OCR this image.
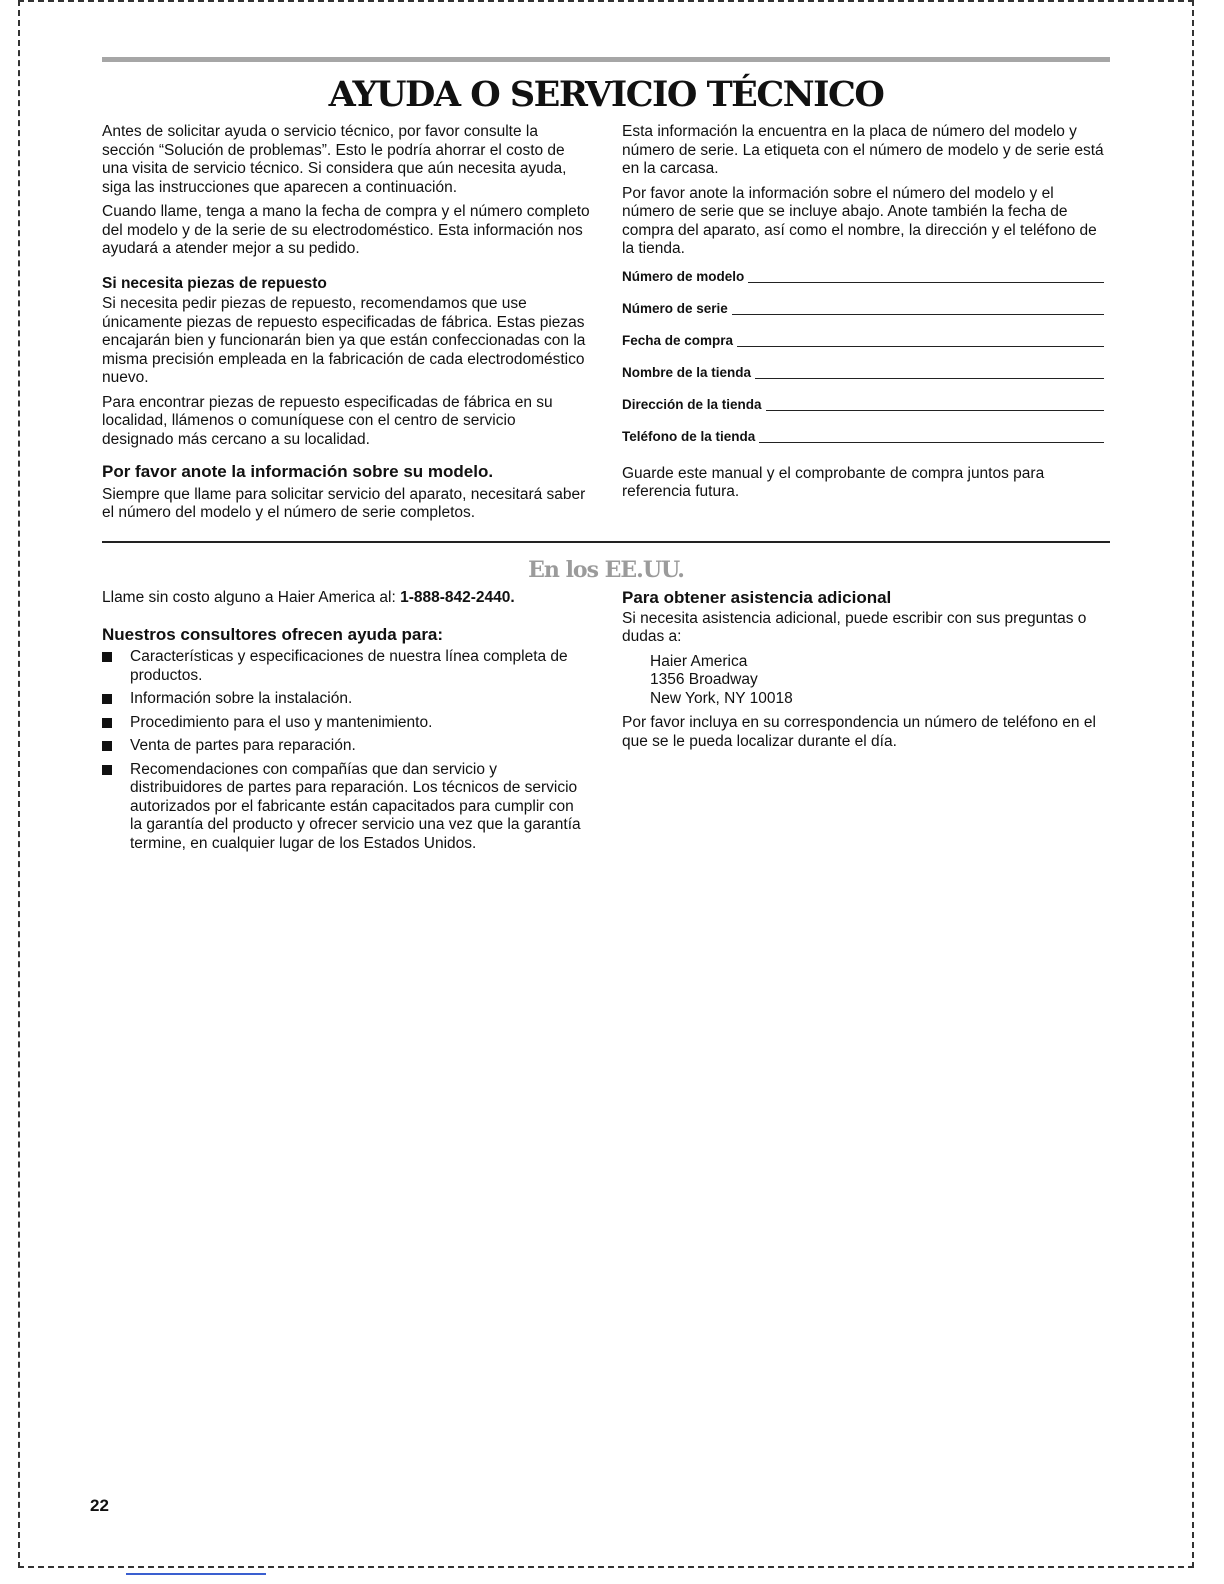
AYUDA O SERVICIO TÉCNICO

Antes de solicitar ayuda o servicio técnico, por favor consulte la sección “Solución de problemas”. Esto le podría ahorrar el costo de una visita de servicio técnico. Si considera que aún necesita ayuda, siga las instrucciones que aparecen a continuación.

Cuando llame, tenga a mano la fecha de compra y el número completo del modelo y de la serie de su electrodoméstico. Esta información nos ayudará a atender mejor a su pedido.

Si necesita piezas de repuesto

Si necesita pedir piezas de repuesto, recomendamos que use únicamente piezas de repuesto especificadas de fábrica. Estas piezas encajarán bien y funcionarán bien ya que están confeccionadas con la misma precisión empleada en la fabricación de cada electrodoméstico nuevo.

Para encontrar piezas de repuesto especificadas de fábrica en su localidad, llámenos o comuníquese con el centro de servicio designado más cercano a su localidad.

Por favor anote la información sobre su modelo.

Siempre que llame para solicitar servicio del aparato, necesitará saber el número del modelo y el número de serie completos.

Esta información la encuentra en la placa de número del modelo y número de serie. La etiqueta con el número de modelo y de serie está en la carcasa.

Por favor anote la información sobre el número del modelo y el número de serie que se incluye abajo. Anote también la fecha de compra del aparato, así como el nombre, la dirección y el teléfono de la tienda.

Número de modelo
Número de serie
Fecha de compra
Nombre de la tienda
Dirección de la tienda
Teléfono de la tienda

Guarde este manual y el comprobante de compra juntos para referencia futura.

En los EE.UU.

Llame sin costo alguno a Haier America al: 1-888-842-2440.

Nuestros consultores ofrecen ayuda para:
Características y especificaciones de nuestra línea completa de productos.
Información sobre la instalación.
Procedimiento para el uso y mantenimiento.
Venta de partes para reparación.
Recomendaciones con compañías que dan servicio y distribuidores de partes para reparación. Los técnicos de servicio autorizados por el fabricante están capacitados para cumplir con la garantía del producto y ofrecer servicio una vez que la garantía termine, en cualquier lugar de los Estados Unidos.
Para obtener asistencia adicional

Si necesita asistencia adicional, puede escribir con sus preguntas o dudas a:

Haier America
1356 Broadway
New York, NY 10018

Por favor incluya en su correspondencia un número de teléfono en el que se le pueda localizar durante el día.

22
